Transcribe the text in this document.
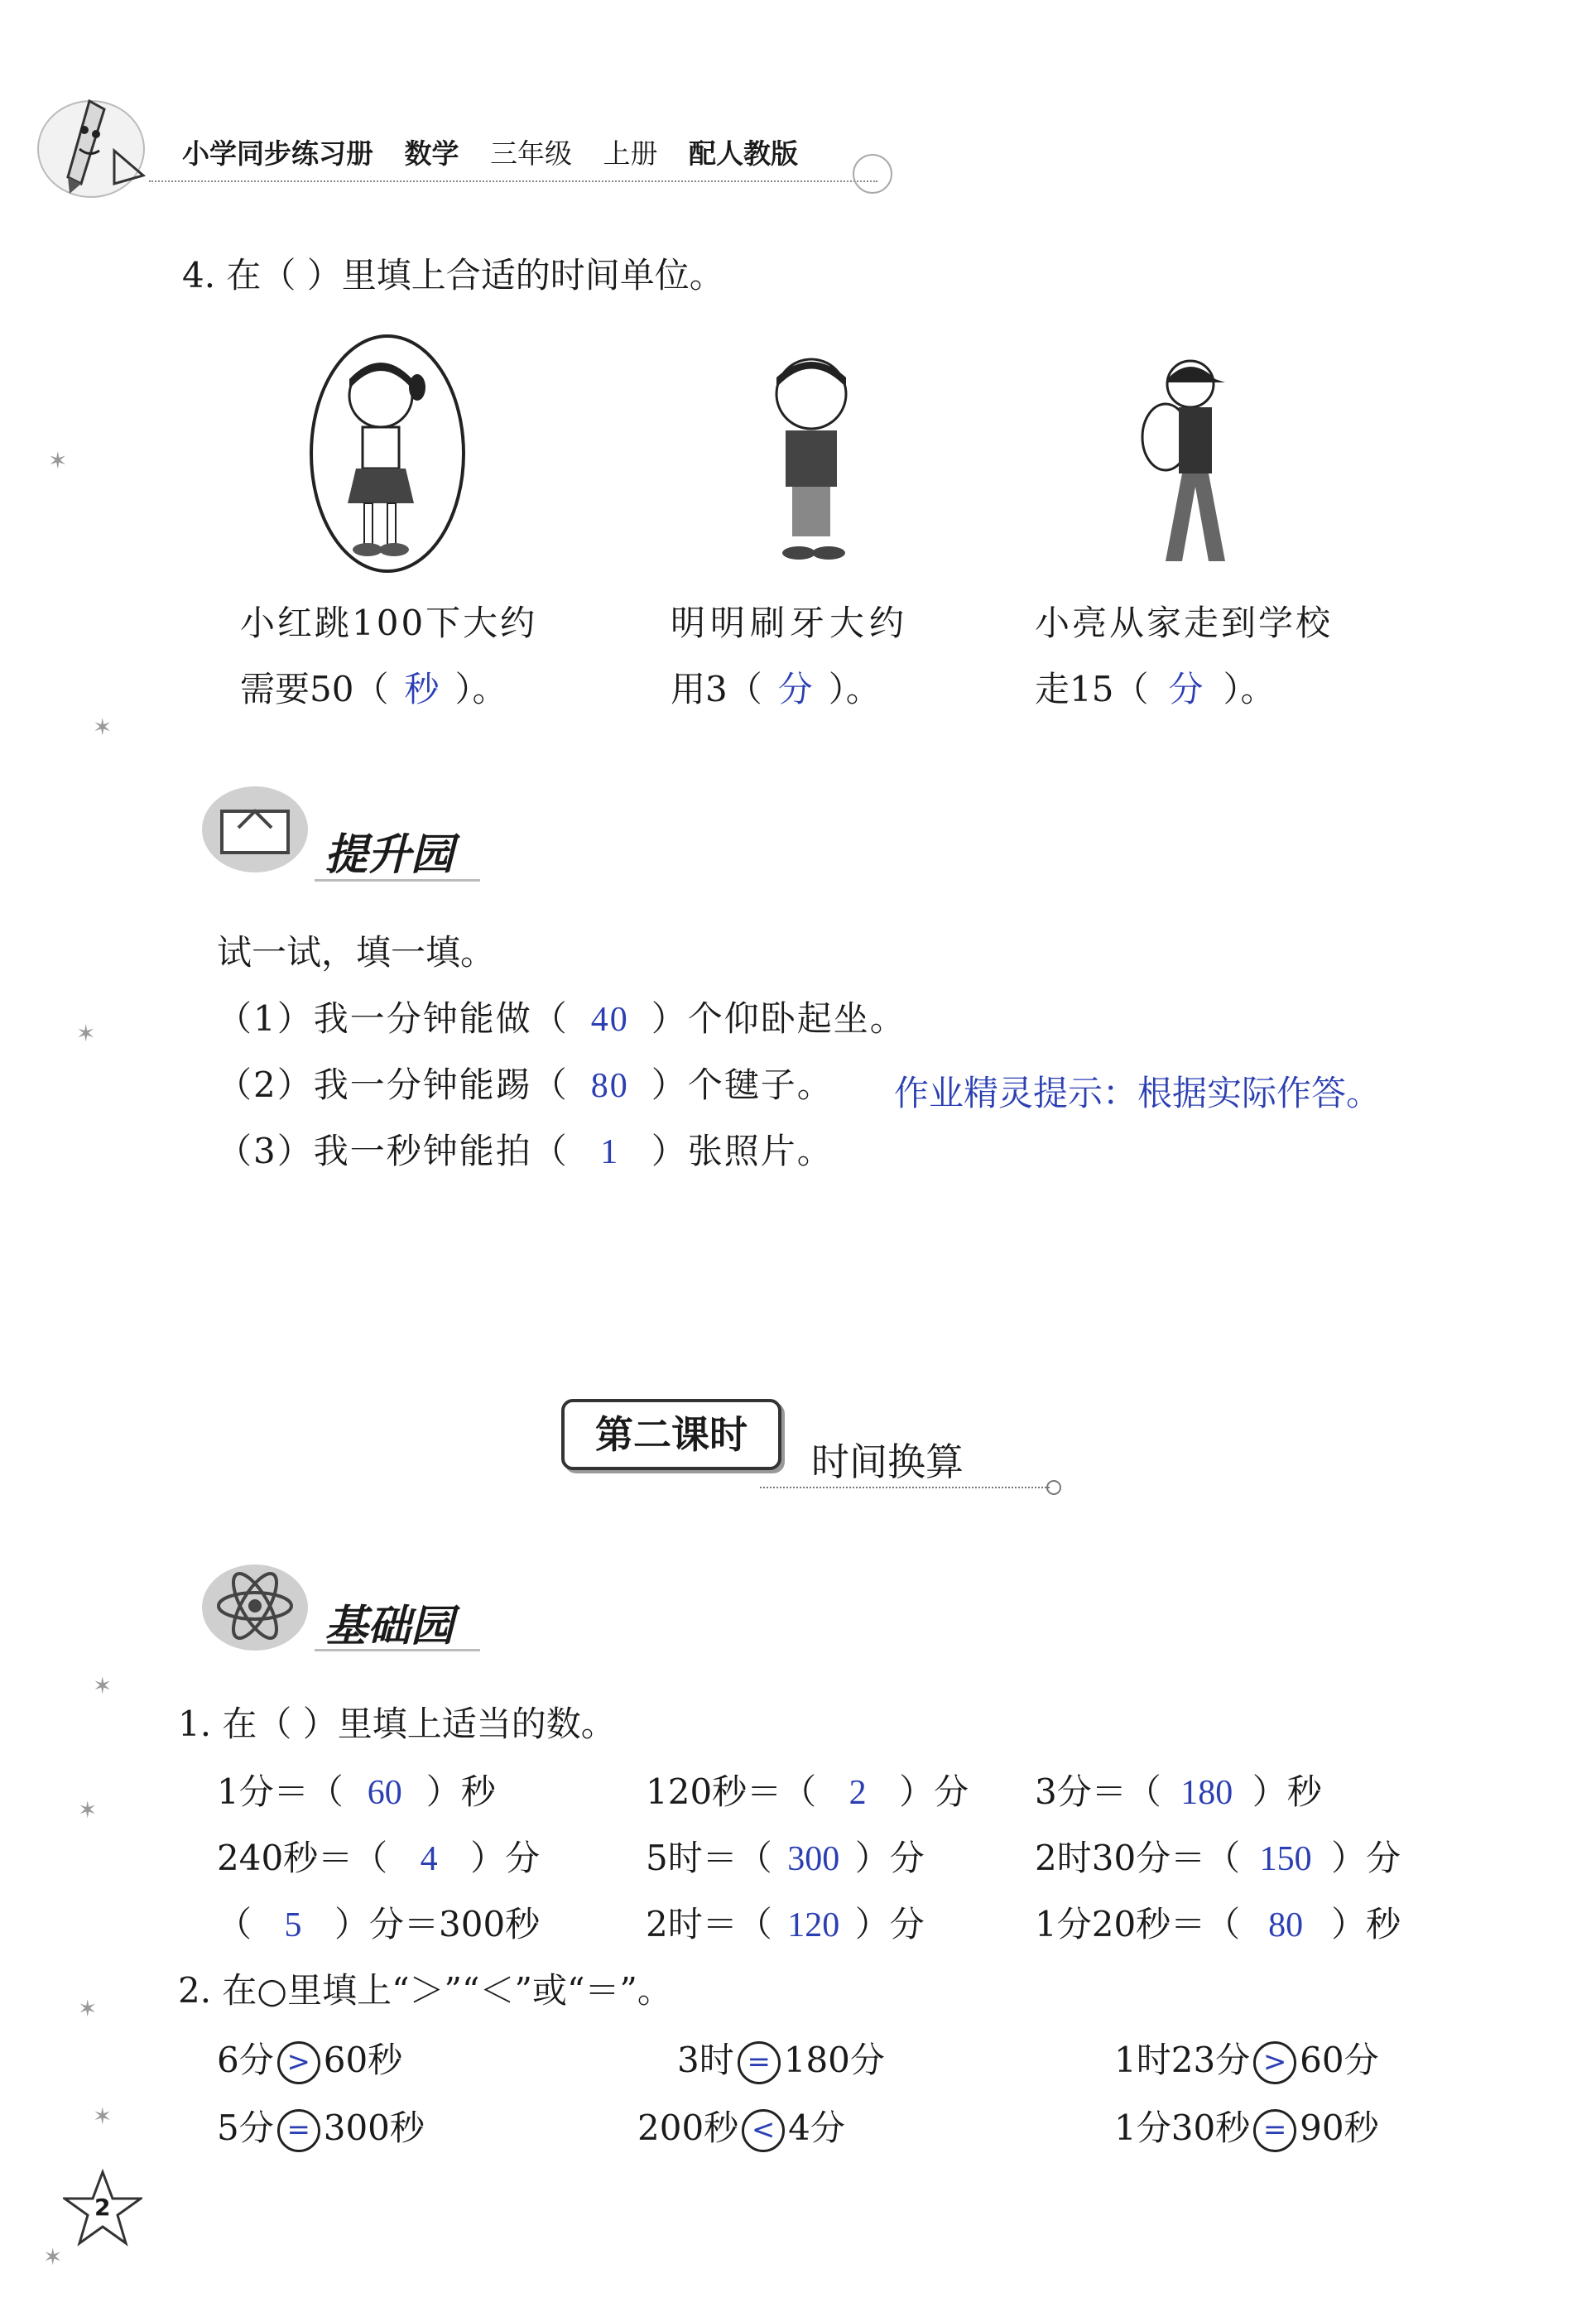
小学同步练习册 数学 三年级 上册 配人教版
✶
✶
✶
✶
✶
✶
✶
✶
4. 在（ ）里填上合适的时间单位。
小红跳100下大约
需要50（ 秒 ）。
明明刷牙大约
用3（ 分 ）。
小亮从家走到学校
走15（ 分 ）。
提升园
试一试，填一填。
（1）我一分钟能做（ 40 ）个仰卧起坐。
（2）我一分钟能踢（ 80 ）个毽子。 作业精灵提示：根据实际作答。
（3）我一秒钟能拍（ 1 ）张照片。
第二课时
时间换算
基础园
1. 在（ ）里填上适当的数。
1分＝（ 60 ）秒	120秒＝（ 2 ）分 3分＝（ 180 ）秒
240秒＝（ 4 ）分	5时＝（ 300 ）分	2时30分＝（ 150 ）分
（ 5 ）分＝300秒	2时＝（ 120 ）分	1分20秒＝（ 80 ）秒
2. 在○里填上“＞”“＜”或“＝”。
6分 > 60秒	3时 = 180分	1时23分 > 60分
5分 = 300秒	200秒 < 4分	1分30秒 = 90秒
2
